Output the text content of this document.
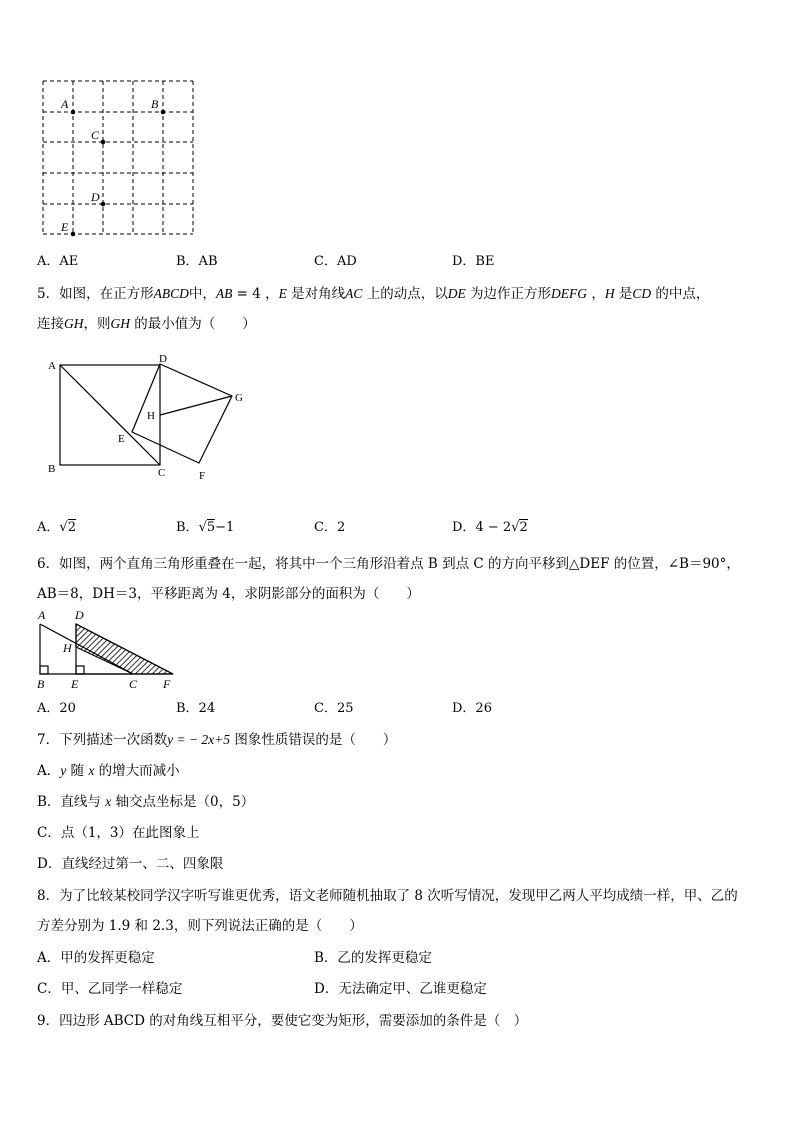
A	B
C
D
E
A．AE	B．AB	C．AD	D．BE
5．如图，在正方形ABCD中，AB = 4 ，E 是对角线AC 上的动点，以DE 为边作正方形DEFG ，H 是CD 的中点，
连接GH，则GH 的最小值为（　　）
A
D
G
H
E
B	C	F
A．√2	B．√5−1	C．2	D．4 − 2√2
6．如图，两个直角三角形重叠在一起，将其中一个三角形沿着点 B 到点 C 的方向平移到△DEF 的位置，∠B＝90°，
AB＝8，DH＝3，平移距离为 4，求阴影部分的面积为（　　）
A D
H
B E	C F
A．20	B．24	C．25	D．26
7．下列描述一次函数y = − 2x+5 图象性质错误的是（　　）
A．y 随 x 的增大而减小
B．直线与 x 轴交点坐标是（0，5）
C．点（1，3）在此图象上
D．直线经过第一、二、四象限
8．为了比较某校同学汉字听写谁更优秀，语文老师随机抽取了 8 次听写情况，发现甲乙两人平均成绩一样，甲、乙的
方差分别为 1.9 和 2.3，则下列说法正确的是（　　）
A．甲的发挥更稳定	B．乙的发挥更稳定
C．甲、乙同学一样稳定	D．无法确定甲、乙谁更稳定
9．四边形 ABCD 的对角线互相平分，要使它变为矩形，需要添加的条件是（　）
